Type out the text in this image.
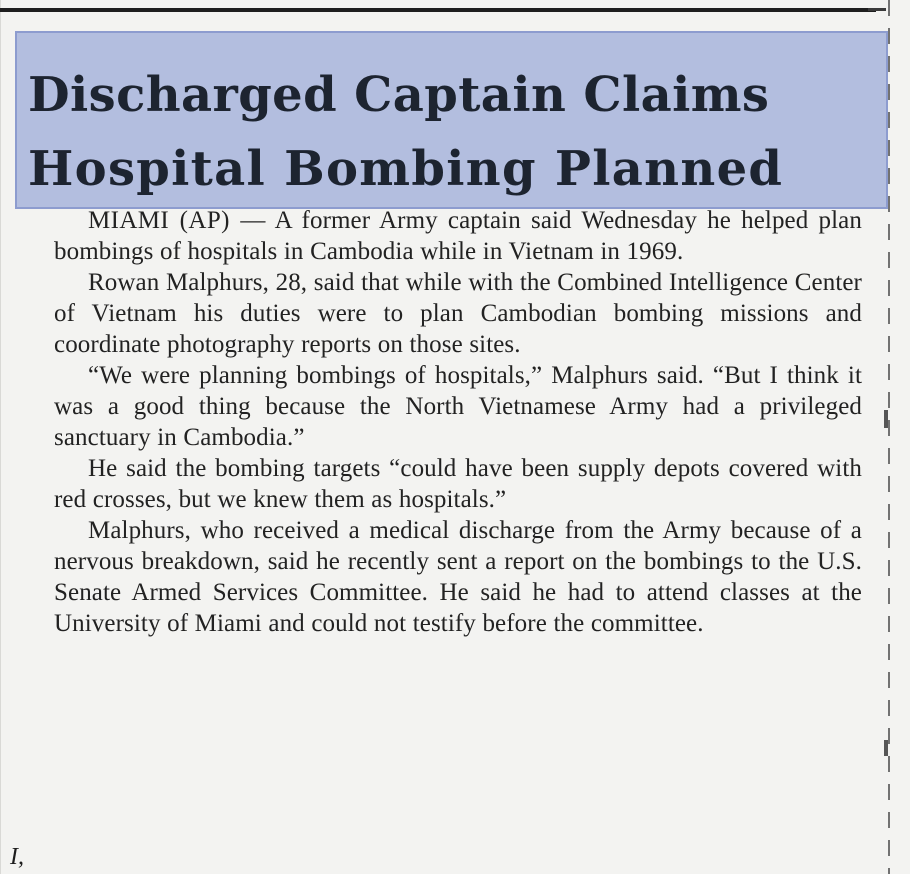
Discharged Captain Claims
Hospital Bombing Planned

MIAMI (AP) — A former Army captain said Wednesday he helped plan bombings of hospitals in Cambodia while in Vietnam in 1969.

Rowan Malphurs, 28, said that while with the Combined Intelligence Center of Vietnam his duties were to plan Cambodian bombing missions and coordinate photography reports on those sites.

“We were planning bombings of hospitals,” Malphurs said. “But I think it was a good thing because the North Vietnamese Army had a privileged sanctuary in Cambodia.”

He said the bombing targets “could have been supply depots covered with red crosses, but we knew them as hospitals.”

Malphurs, who received a medical discharge from the Army because of a nervous breakdown, said he recently sent a report on the bombings to the U.S. Senate Armed Services Committee. He said he had to attend classes at the University of Miami and could not testify before the committee.

I,
